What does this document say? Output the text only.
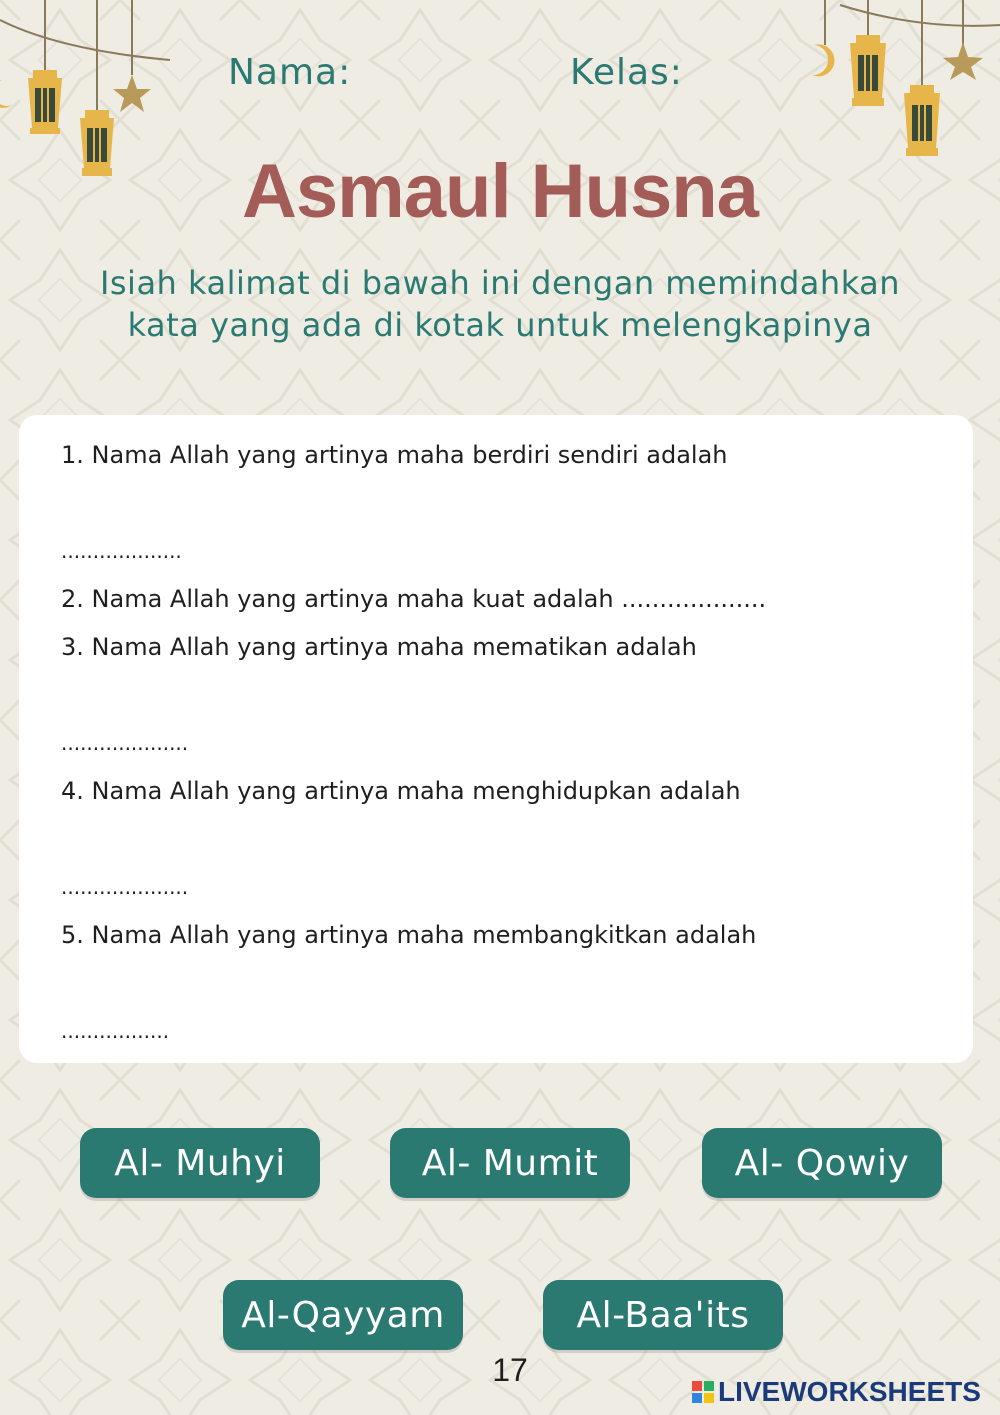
Nama:	Kelas:
Asmaul Husna
Isiah kalimat di bawah ini dengan memindahkan
kata yang ada di kotak untuk melengkapinya
1. Nama Allah yang artinya maha berdiri sendiri adalah
...................
2. Nama Allah yang artinya maha kuat adalah ...................
3. Nama Allah yang artinya maha mematikan adalah
....................
4. Nama Allah yang artinya maha menghidupkan adalah
....................
5. Nama Allah yang artinya maha membangkitkan adalah
.................
Al- Muhyi	Al- Mumit	Al- Qowiy
Al-Qayyam	Al-Baa'its
17
LIVEWORKSHEETS
